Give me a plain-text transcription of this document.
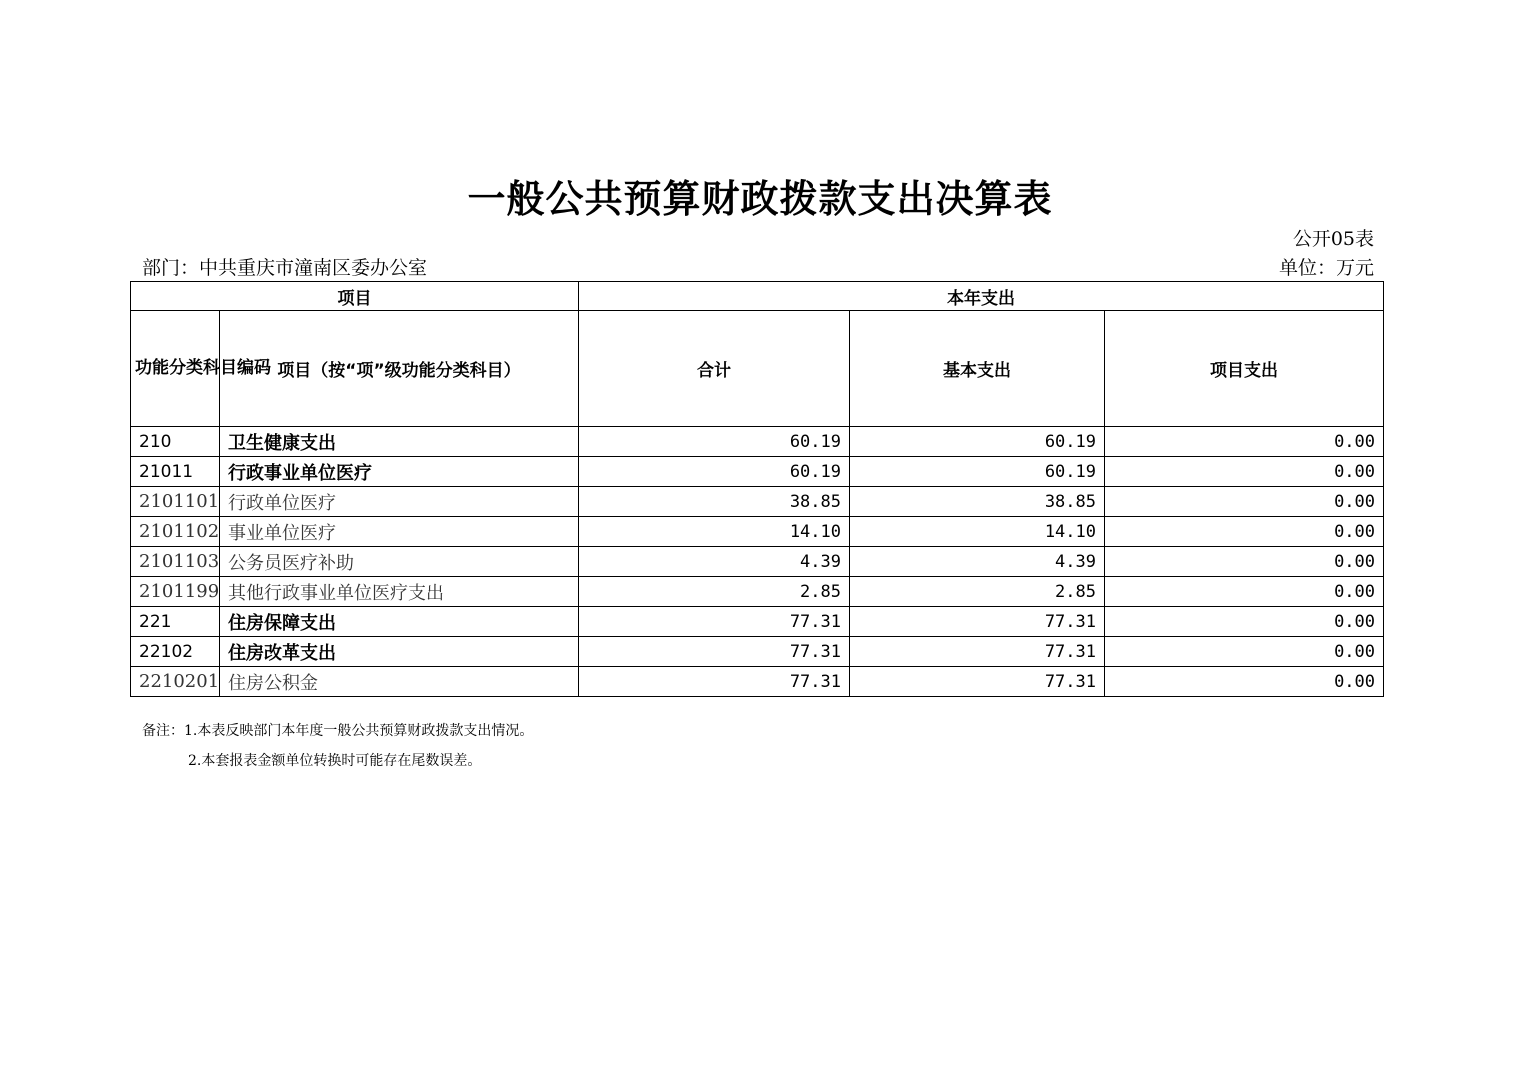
一般公共预算财政拨款支出决算表
公开05表
部门：中共重庆市潼南区委办公室	单位：万元
项目		本年支出		
功能分类科目编码	项目（按“项”级功能分类科目）	合计	基本支出	项目支出
210	卫生健康支出	60.19	60.19	0.00
21011	行政事业单位医疗	60.19	60.19	0.00
2101101	行政单位医疗	38.85	38.85	0.00
2101102	事业单位医疗	14.10	14.10	0.00
2101103	公务员医疗补助	4.39	4.39	0.00
2101199	其他行政事业单位医疗支出	2.85	2.85	0.00
221	住房保障支出	77.31	77.31	0.00
22102	住房改革支出	77.31	77.31	0.00
2210201	住房公积金	77.31	77.31	0.00
备注：1.本表反映部门本年度一般公共预算财政拨款支出情况。
2.本套报表金额单位转换时可能存在尾数误差。
